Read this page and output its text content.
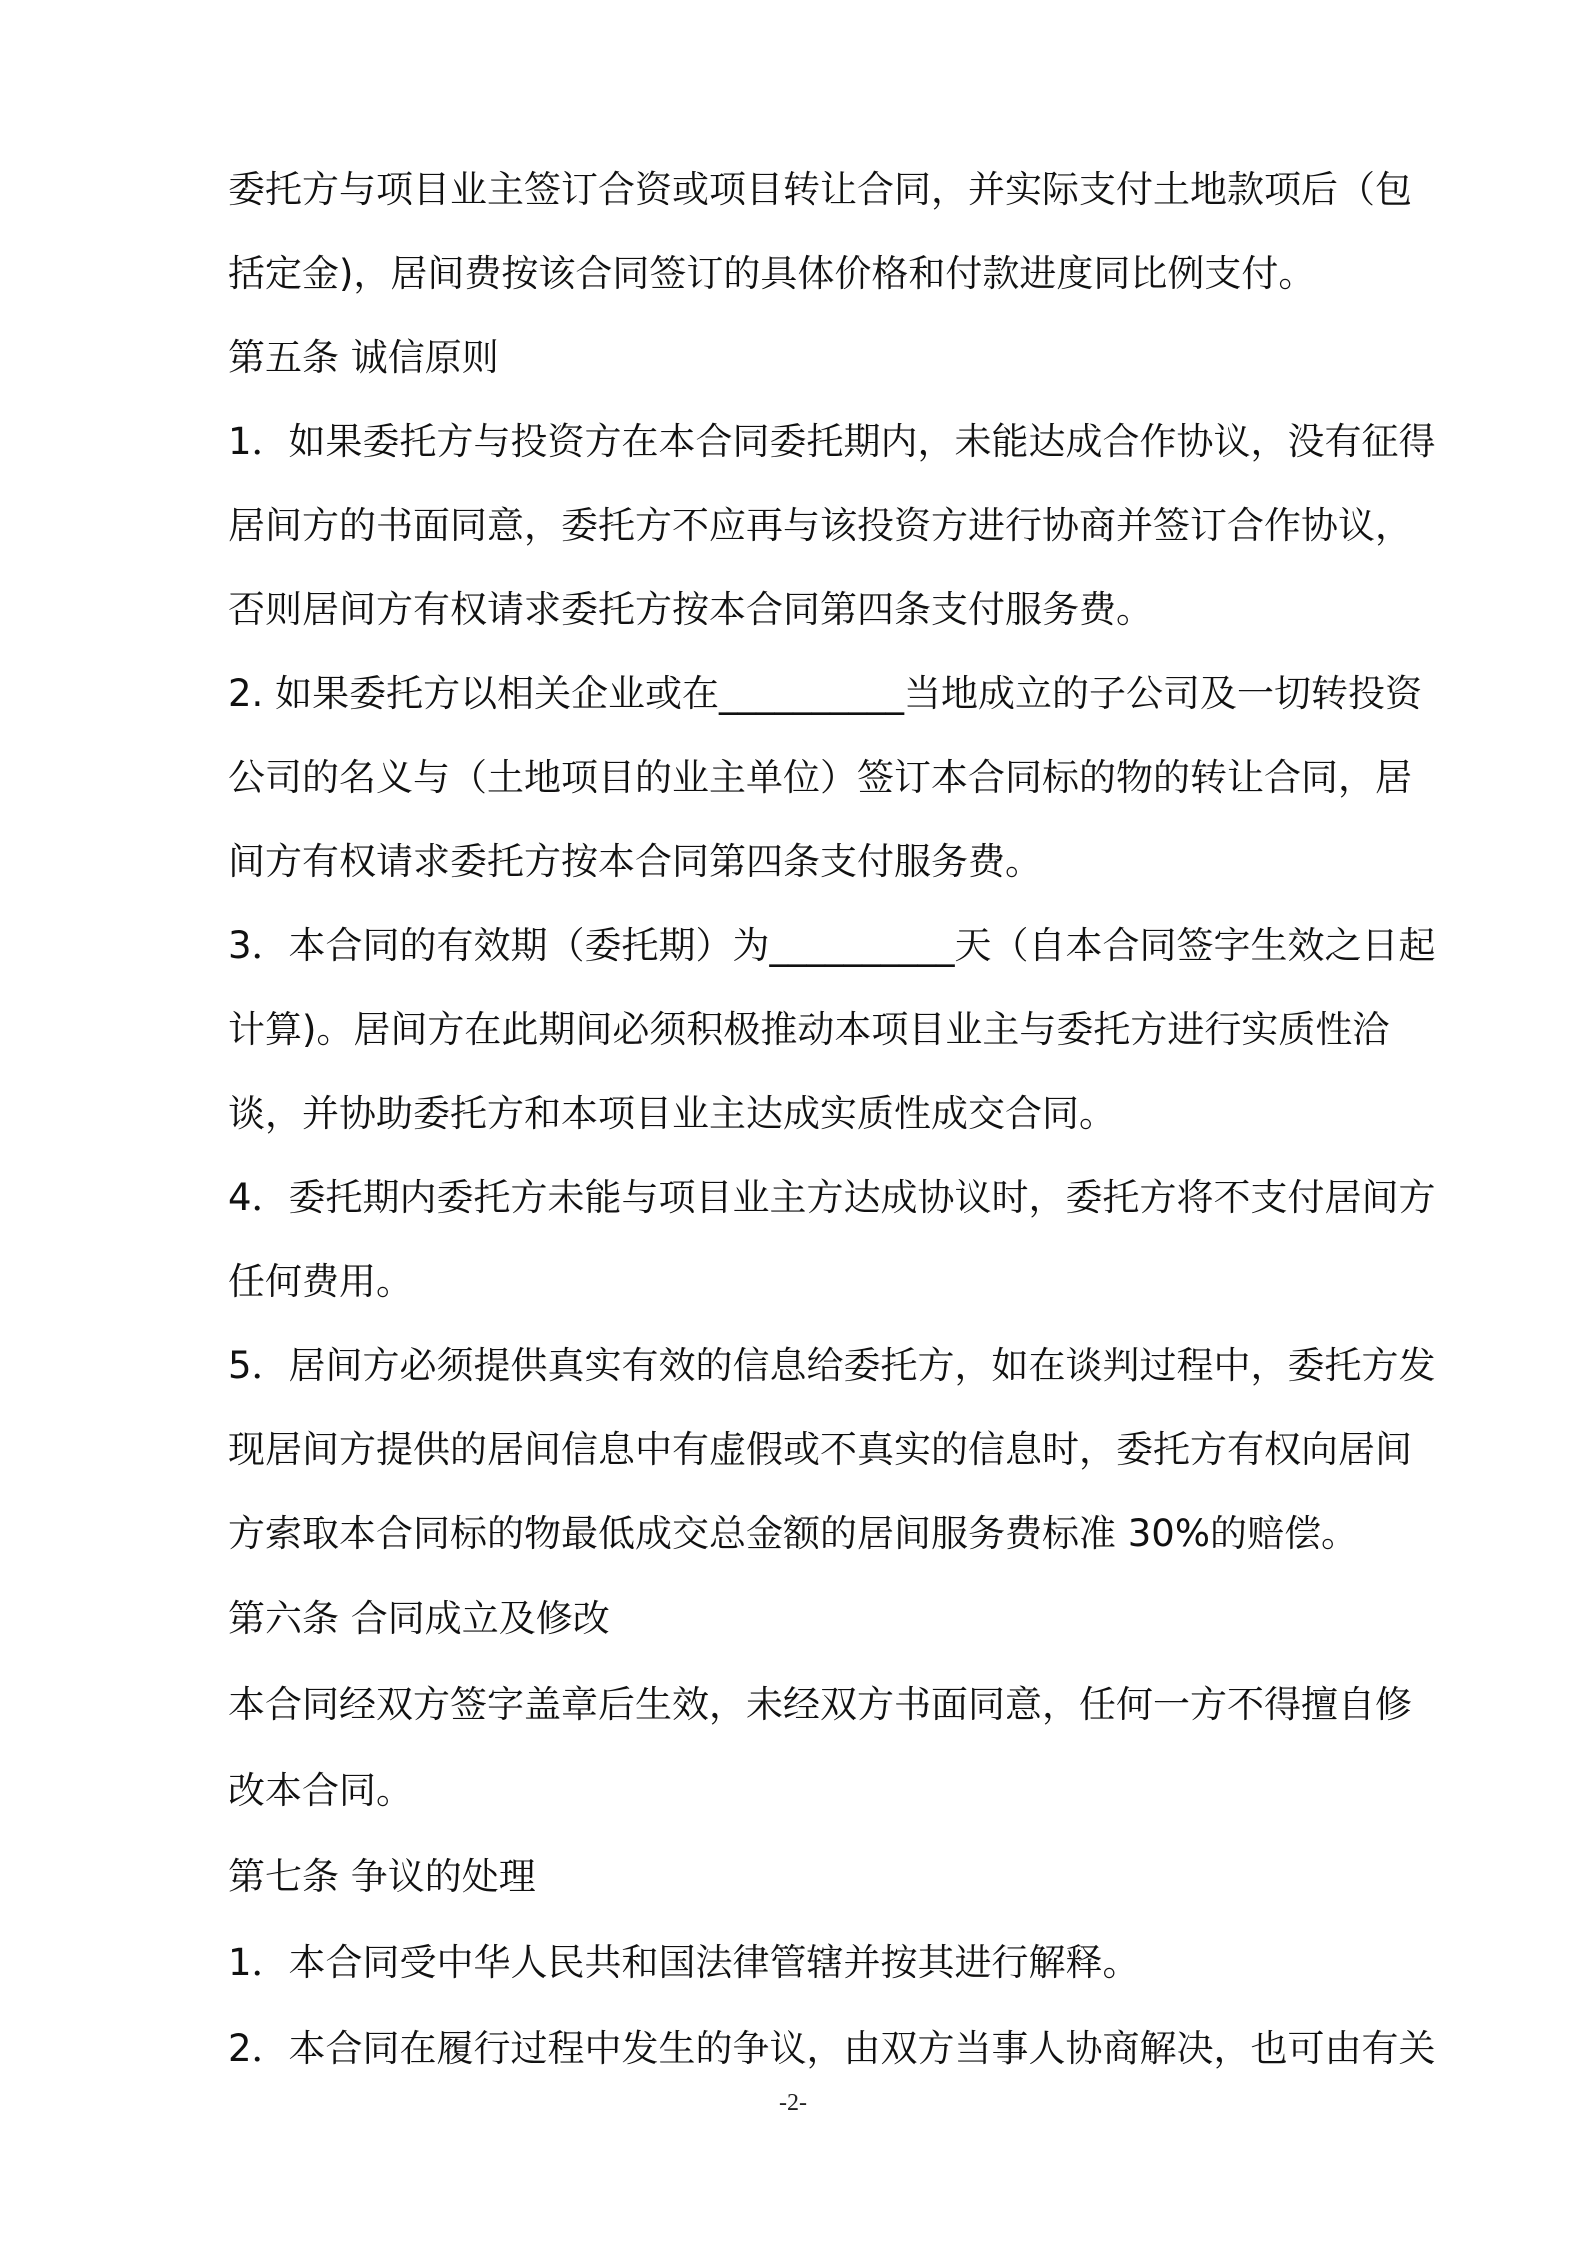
委托方与项目业主签订合资或项目转让合同，并实际支付土地款项后（包
括定金)，居间费按该合同签订的具体价格和付款进度同比例支付。
第五条 诚信原则
1．如果委托方与投资方在本合同委托期内，未能达成合作协议，没有征得
居间方的书面同意，委托方不应再与该投资方进行协商并签订合作协议，
否则居间方有权请求委托方按本合同第四条支付服务费。
2. 如果委托方以相关企业或在__________当地成立的子公司及一切转投资
公司的名义与（土地项目的业主单位）签订本合同标的物的转让合同，居
间方有权请求委托方按本合同第四条支付服务费。
3．本合同的有效期（委托期）为__________天（自本合同签字生效之日起
计算)。居间方在此期间必须积极推动本项目业主与委托方进行实质性洽
谈，并协助委托方和本项目业主达成实质性成交合同。
4．委托期内委托方未能与项目业主方达成协议时，委托方将不支付居间方
任何费用。
5．居间方必须提供真实有效的信息给委托方，如在谈判过程中，委托方发
现居间方提供的居间信息中有虚假或不真实的信息时，委托方有权向居间
方索取本合同标的物最低成交总金额的居间服务费标准 30%的赔偿。
第六条 合同成立及修改
本合同经双方签字盖章后生效，未经双方书面同意，任何一方不得擅自修
改本合同。
第七条 争议的处理
1．本合同受中华人民共和国法律管辖并按其进行解释。
2．本合同在履行过程中发生的争议，由双方当事人协商解决，也可由有关
-2-
